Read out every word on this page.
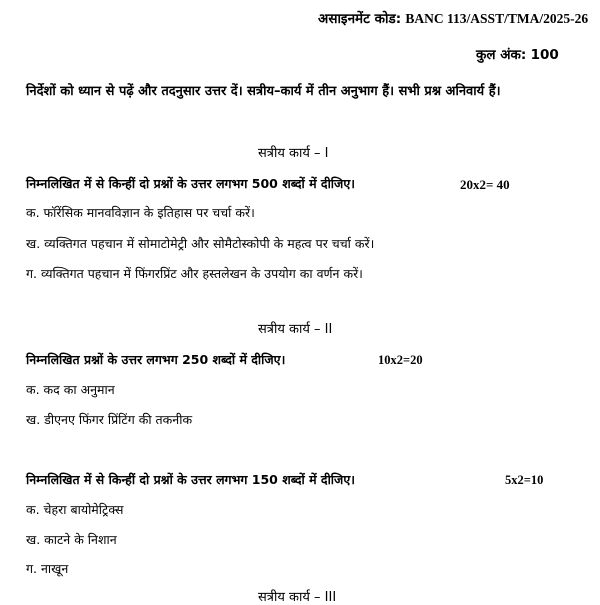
असाइनमेंट कोड: BANC 113/ASST/TMA/2025-26
कुल अंक: 100
निर्देशों को ध्यान से पढ़ें और तदनुसार उत्तर दें। सत्रीय–कार्य में तीन अनुभाग हैं। सभी प्रश्न अनिवार्य हैं।
सत्रीय कार्य – I
निम्नलिखित में से किन्हीं दो प्रश्नों के उत्तर लगभग 500 शब्दों में दीजिए।	20x2= 40
क. फॉरेंसिक मानवविज्ञान के इतिहास पर चर्चा करें।
ख. व्यक्तिगत पहचान में सोमाटोमेट्री और सोमैटोस्कोपी के महत्व पर चर्चा करें।
ग. व्यक्तिगत पहचान में फिंगरप्रिंट और हस्तलेखन के उपयोग का वर्णन करें।
सत्रीय कार्य – II
निम्नलिखित प्रश्नों के उत्तर लगभग 250 शब्दों में दीजिए।	10x2=20
क. कद का अनुमान
ख. डीएनए फिंगर प्रिंटिंग की तकनीक
निम्नलिखित में से किन्हीं दो प्रश्नों के उत्तर लगभग 150 शब्दों में दीजिए।	5x2=10
क. चेहरा बायोमेट्रिक्स
ख. काटने के निशान
ग. नाखून
सत्रीय कार्य – III
